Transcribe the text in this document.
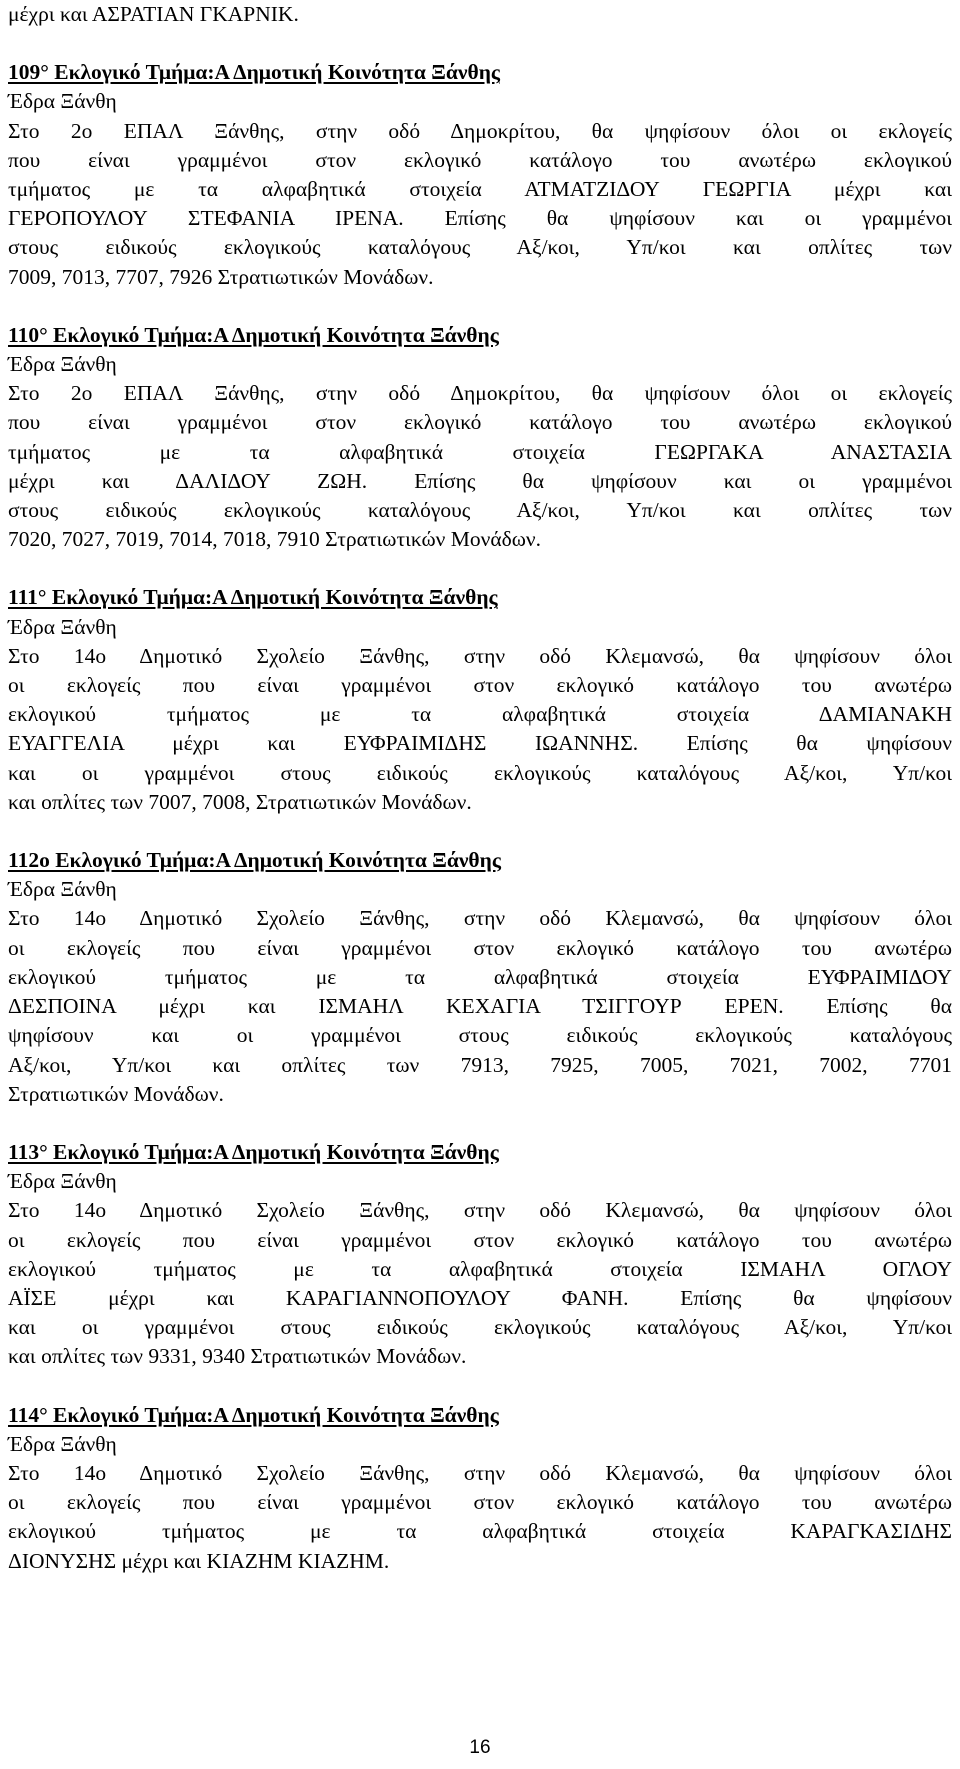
μέχρι και ΑΣΡΑΤΙΑΝ ΓΚΑΡΝΙΚ.

109° Εκλογικό Τμήμα:Α Δημοτική Κοινότητα Ξάνθης

Έδρα Ξάνθη

Στο 2ο ΕΠΑΛ Ξάνθης, στην οδό Δημοκρίτου, θα ψηφίσουν όλοι οι εκλογείς

που είναι γραμμένοι στον εκλογικό κατάλογο του ανωτέρω εκλογικού

τμήματος με τα αλφαβητικά στοιχεία ΑΤΜΑΤΖΙΔΟΥ ΓΕΩΡΓΙΑ μέχρι και

ΓΕΡΟΠΟΥΛΟΥ ΣΤΕΦΑΝΙΑ ΙΡΕΝΑ. Επίσης θα ψηφίσουν και οι γραμμένοι

στους ειδικούς εκλογικούς καταλόγους Αξ/κοι, Υπ/κοι και οπλίτες των

7009, 7013, 7707, 7926 Στρατιωτικών Μονάδων.

110° Εκλογικό Τμήμα:Α Δημοτική Κοινότητα Ξάνθης

Έδρα Ξάνθη

Στο 2ο ΕΠΑΛ Ξάνθης, στην οδό Δημοκρίτου, θα ψηφίσουν όλοι οι εκλογείς

που είναι γραμμένοι στον εκλογικό κατάλογο του ανωτέρω εκλογικού

τμήματος με τα αλφαβητικά στοιχεία ΓΕΩΡΓΑΚΑ ΑΝΑΣΤΑΣΙΑ

μέχρι και ΔΑΛΙΔΟΥ ΖΩΗ. Επίσης θα ψηφίσουν και οι γραμμένοι

στους ειδικούς εκλογικούς καταλόγους Αξ/κοι, Υπ/κοι και οπλίτες των

7020, 7027, 7019, 7014, 7018, 7910 Στρατιωτικών Μονάδων.

111° Εκλογικό Τμήμα:Α Δημοτική Κοινότητα Ξάνθης

Έδρα Ξάνθη

Στο 14ο Δημοτικό Σχολείο Ξάνθης, στην οδό Κλεμανσώ, θα ψηφίσουν όλοι

οι εκλογείς που είναι γραμμένοι στον εκλογικό κατάλογο του ανωτέρω

εκλογικού τμήματος με τα αλφαβητικά στοιχεία ΔΑΜΙΑΝΑΚΗ

ΕΥΑΓΓΕΛΙΑ μέχρι και ΕΥΦΡΑΙΜΙΔΗΣ ΙΩΑΝΝΗΣ. Επίσης θα ψηφίσουν

και οι γραμμένοι στους ειδικούς εκλογικούς καταλόγους Αξ/κοι, Υπ/κοι

και οπλίτες των 7007, 7008, Στρατιωτικών Μονάδων.

112ο Εκλογικό Τμήμα:Α Δημοτική Κοινότητα Ξάνθης

Έδρα Ξάνθη

Στο 14ο Δημοτικό Σχολείο Ξάνθης, στην οδό Κλεμανσώ, θα ψηφίσουν όλοι

οι εκλογείς που είναι γραμμένοι στον εκλογικό κατάλογο του ανωτέρω

εκλογικού τμήματος με τα αλφαβητικά στοιχεία ΕΥΦΡΑΙΜΙΔΟΥ

ΔΕΣΠΟΙΝΑ μέχρι και ΙΣΜΑΗΛ ΚΕΧΑΓΙΑ ΤΣΙΓΓΟΥΡ ΕΡΕΝ. Επίσης θα

ψηφίσουν και οι γραμμένοι στους ειδικούς εκλογικούς καταλόγους

Αξ/κοι, Υπ/κοι και οπλίτες των 7913, 7925, 7005, 7021, 7002, 7701

Στρατιωτικών Μονάδων.

113° Εκλογικό Τμήμα:Α Δημοτική Κοινότητα Ξάνθης

Έδρα Ξάνθη

Στο 14ο Δημοτικό Σχολείο Ξάνθης, στην οδό Κλεμανσώ, θα ψηφίσουν όλοι

οι εκλογείς που είναι γραμμένοι στον εκλογικό κατάλογο του ανωτέρω

εκλογικού τμήματος με τα αλφαβητικά στοιχεία ΙΣΜΑΗΛ ΟΓΛΟΥ

ΑΪΣΕ μέχρι και ΚΑΡΑΓΙΑΝΝΟΠΟΥΛΟΥ ΦΑΝΗ. Επίσης θα ψηφίσουν

και οι γραμμένοι στους ειδικούς εκλογικούς καταλόγους Αξ/κοι, Υπ/κοι

και οπλίτες των 9331, 9340 Στρατιωτικών Μονάδων.

114° Εκλογικό Τμήμα:Α Δημοτική Κοινότητα Ξάνθης

Έδρα Ξάνθη

Στο 14ο Δημοτικό Σχολείο Ξάνθης, στην οδό Κλεμανσώ, θα ψηφίσουν όλοι

οι εκλογείς που είναι γραμμένοι στον εκλογικό κατάλογο του ανωτέρω

εκλογικού τμήματος με τα αλφαβητικά στοιχεία ΚΑΡΑΓΚΑΣΙΔΗΣ

ΔΙΟΝΥΣΗΣ μέχρι και ΚΙΑΖΗΜ ΚΙΑΖΗΜ.

16
